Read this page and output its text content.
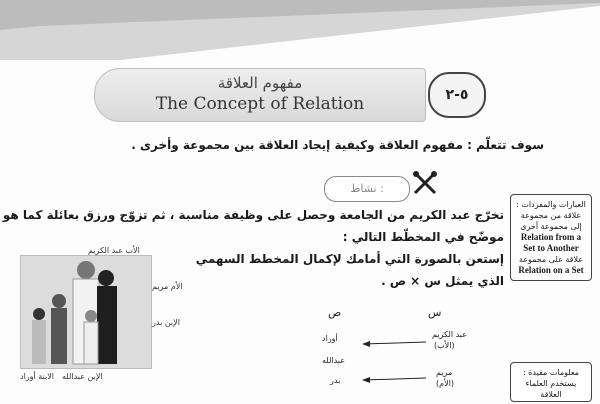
مفهوم العلاقة
The Concept of Relation	٥-٢
سوف تتعلّم : مفهوم العلاقة وكيفية إيجاد العلاقة بين مجموعة وأخرى .
نشاط :
تخرّج عبد الكريم من الجامعة وحصل على وظيفة مناسبة ، ثم تزوّج ورزق بعائلة كما هو
موضّح في المخطّط التالي :
إستعن بالصورة التي أمامك لإكمال المخطط السهمي
الذي يمثل س × ص .
العبارات والمفردات :
علاقة من مجموعة إلى مجموعة أخرى
Relation from a Set to Another
علاقة على مجموعة
Relation on a Set
معلومات مفيدة :
يستخدم العلماء العلاقة
الأب عبد الكريم
الأم مريم
الإبن بدر
الإبن عبدالله
الابنة أوراد
ص	س
أوراد
عبدالله
بدر
عبد الكريم
(الأب)
مريم
(الأم)
